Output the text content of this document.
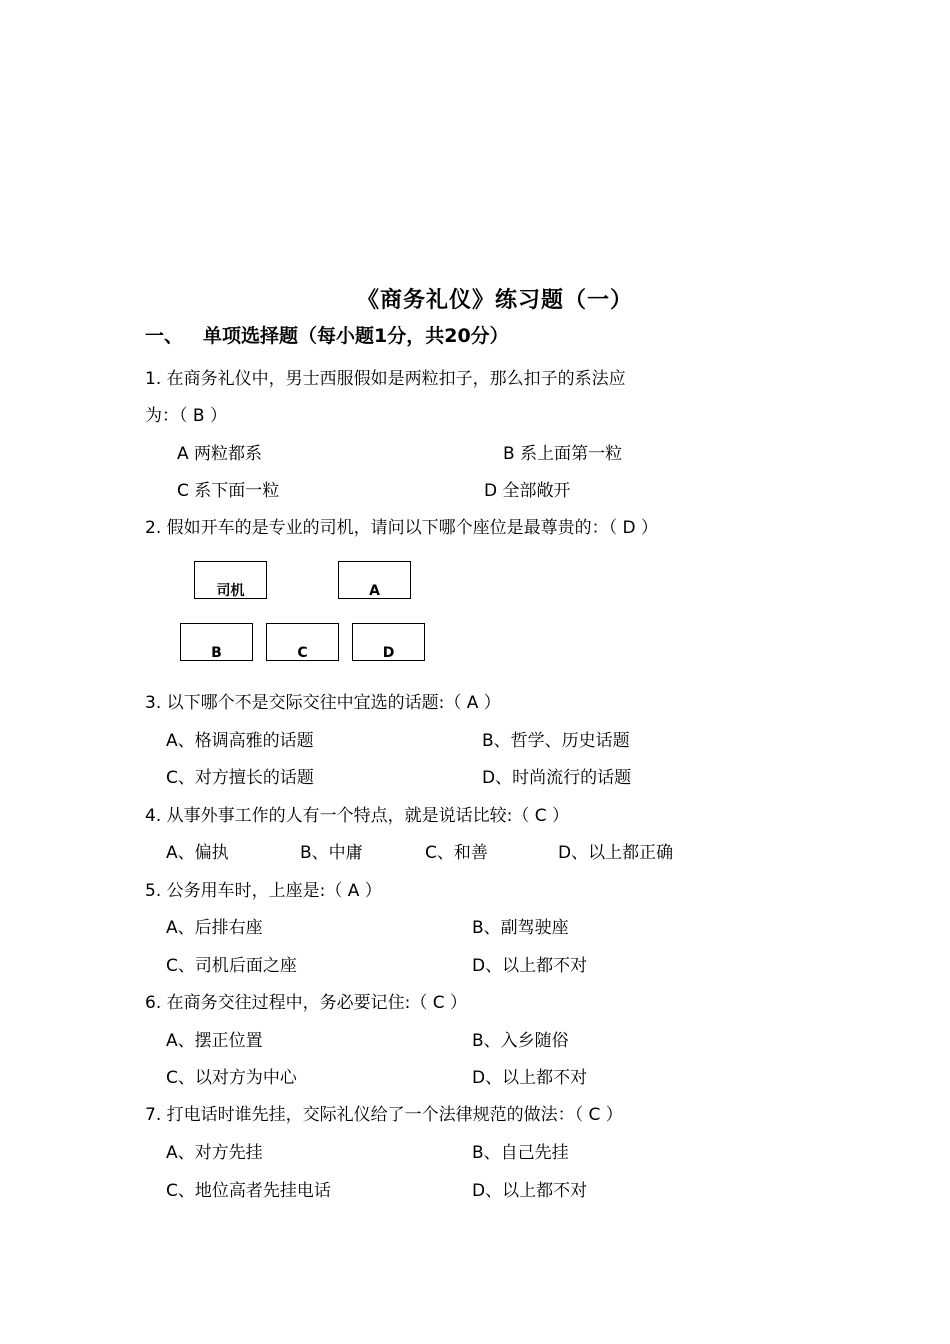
《商务礼仪》练习题（一）
一、 单项选择题（每小题1分，共20分）
1. 在商务礼仪中，男士西服假如是两粒扣子，那么扣子的系法应
为：（ B ）
A 两粒都系	B 系上面第一粒
C 系下面一粒	D 全部敞开
2. 假如开车的是专业的司机，请问以下哪个座位是最尊贵的：（ D ）
司机	A
B	C	D
3. 以下哪个不是交际交往中宜选的话题:（ A ）
A、格调高雅的话题	B、哲学、历史话题
C、对方擅长的话题	D、时尚流行的话题
4. 从事外事工作的人有一个特点，就是说话比较:（ C ）
A、偏执	B、中庸	C、和善	D、以上都正确
5. 公务用车时，上座是:（ A ）
A、后排右座	B、副驾驶座
C、司机后面之座	D、以上都不对
6. 在商务交往过程中，务必要记住:（ C ）
A、摆正位置	B、入乡随俗
C、以对方为中心	D、以上都不对
7. 打电话时谁先挂，交际礼仪给了一个法律规范的做法：（ C ）
A、对方先挂	B、自己先挂
C、地位高者先挂电话	D、以上都不对
